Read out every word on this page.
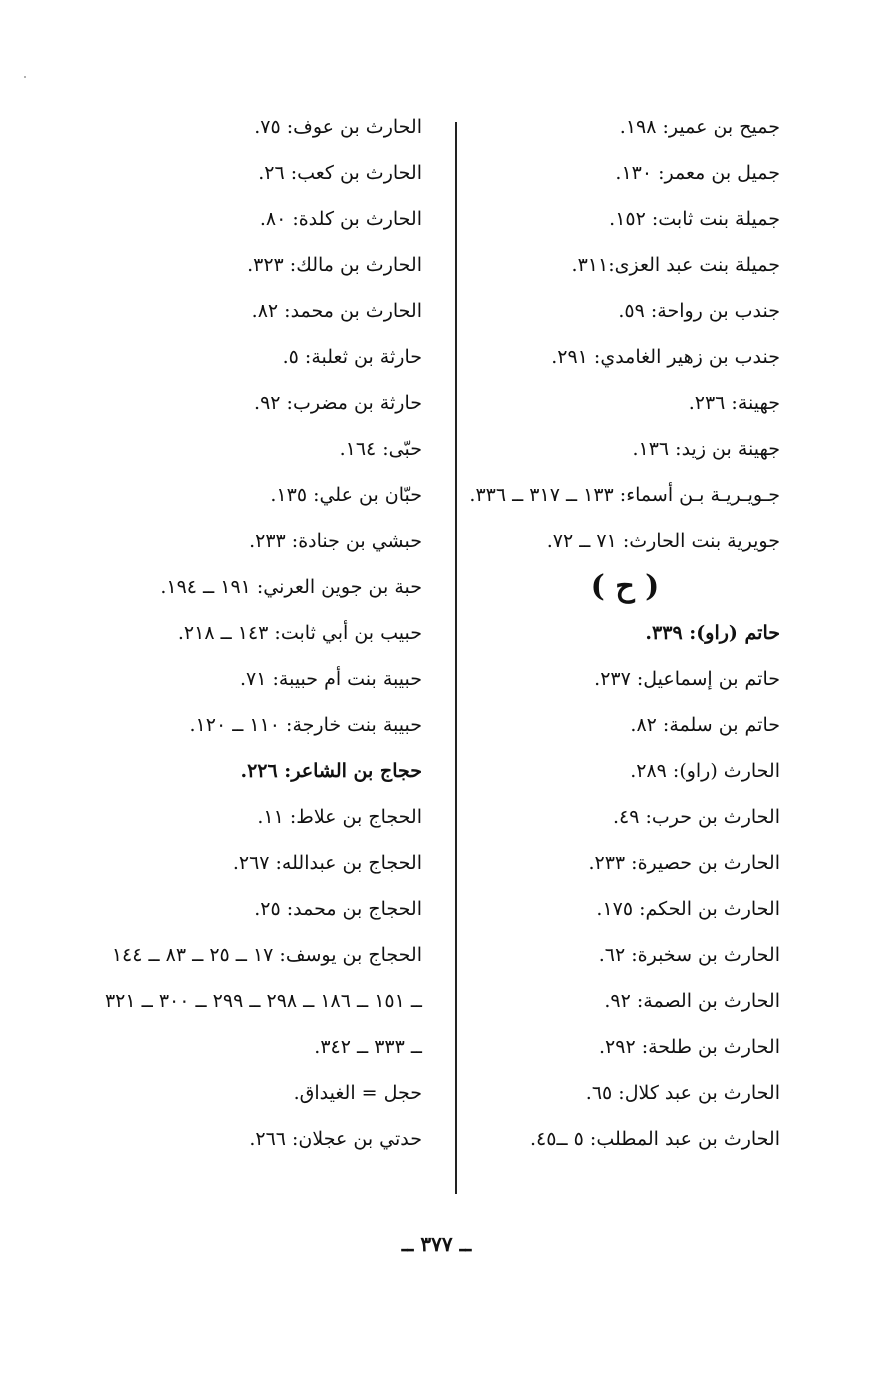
جميح بن عمير: ١٩٨.
جميل بن معمر: ١٣٠.
جميلة بنت ثابت: ١٥٢.
جميلة بنت عبد العزى:٣١١.
جندب بن رواحة: ٥٩.
جندب بن زهير الغامدي: ٢٩١.
جهينة: ٢٣٦.
جهينة بن زيد: ١٣٦.
جـويـريـة بـن أسماء: ١٣٣ ــ ٣١٧ ــ ٣٣٦.
جويرية بنت الحارث: ٧١ ــ ٧٢.
( ح )
حاتم (راو): ٣٣٩.
حاتم بن إسماعيل: ٢٣٧.
حاتم بن سلمة: ٨٢.
الحارث (راو): ٢٨٩.
الحارث بن حرب: ٤٩.
الحارث بن حصيرة: ٢٣٣.
الحارث بن الحكم: ١٧٥.
الحارث بن سخبرة: ٦٢.
الحارث بن الصمة: ٩٢.
الحارث بن طلحة: ٢٩٢.
الحارث بن عبد كلال: ٦٥.
الحارث بن عبد المطلب: ٥ ــ٤٥.
الحارث بن عوف: ٧٥.
الحارث بن كعب: ٢٦.
الحارث بن كلدة: ٨٠.
الحارث بن مالك: ٣٢٣.
الحارث بن محمد: ٨٢.
حارثة بن ثعلبة: ٥.
حارثة بن مضرب: ٩٢.
حبّى: ١٦٤.
حبّان بن علي: ١٣٥.
حبشي بن جنادة: ٢٣٣.
حبة بن جوين العرني: ١٩١ ــ ١٩٤.
حبيب بن أبي ثابت: ١٤٣ ــ ٢١٨.
حبيبة بنت أم حبيبة: ٧١.
حبيبة بنت خارجة: ١١٠ ــ ١٢٠.
حجاج بن الشاعر: ٢٢٦.
الحجاج بن علاط: ١١.
الحجاج بن عبدالله: ٢٦٧.
الحجاج بن محمد: ٢٥.
الحجاج بن يوسف: ١٧ ــ ٢٥ ــ ٨٣ ــ ١٤٤ ــ ١٥١ ــ ١٨٦ ــ ٢٩٨ ــ ٢٩٩ ــ ٣٠٠ ــ ٣٢١ ــ ٣٣٣ ــ ٣٤٢.
حجل = الغيداق.
حدتي بن عجلان: ٢٦٦.
ــ ٣٧٧ ــ
